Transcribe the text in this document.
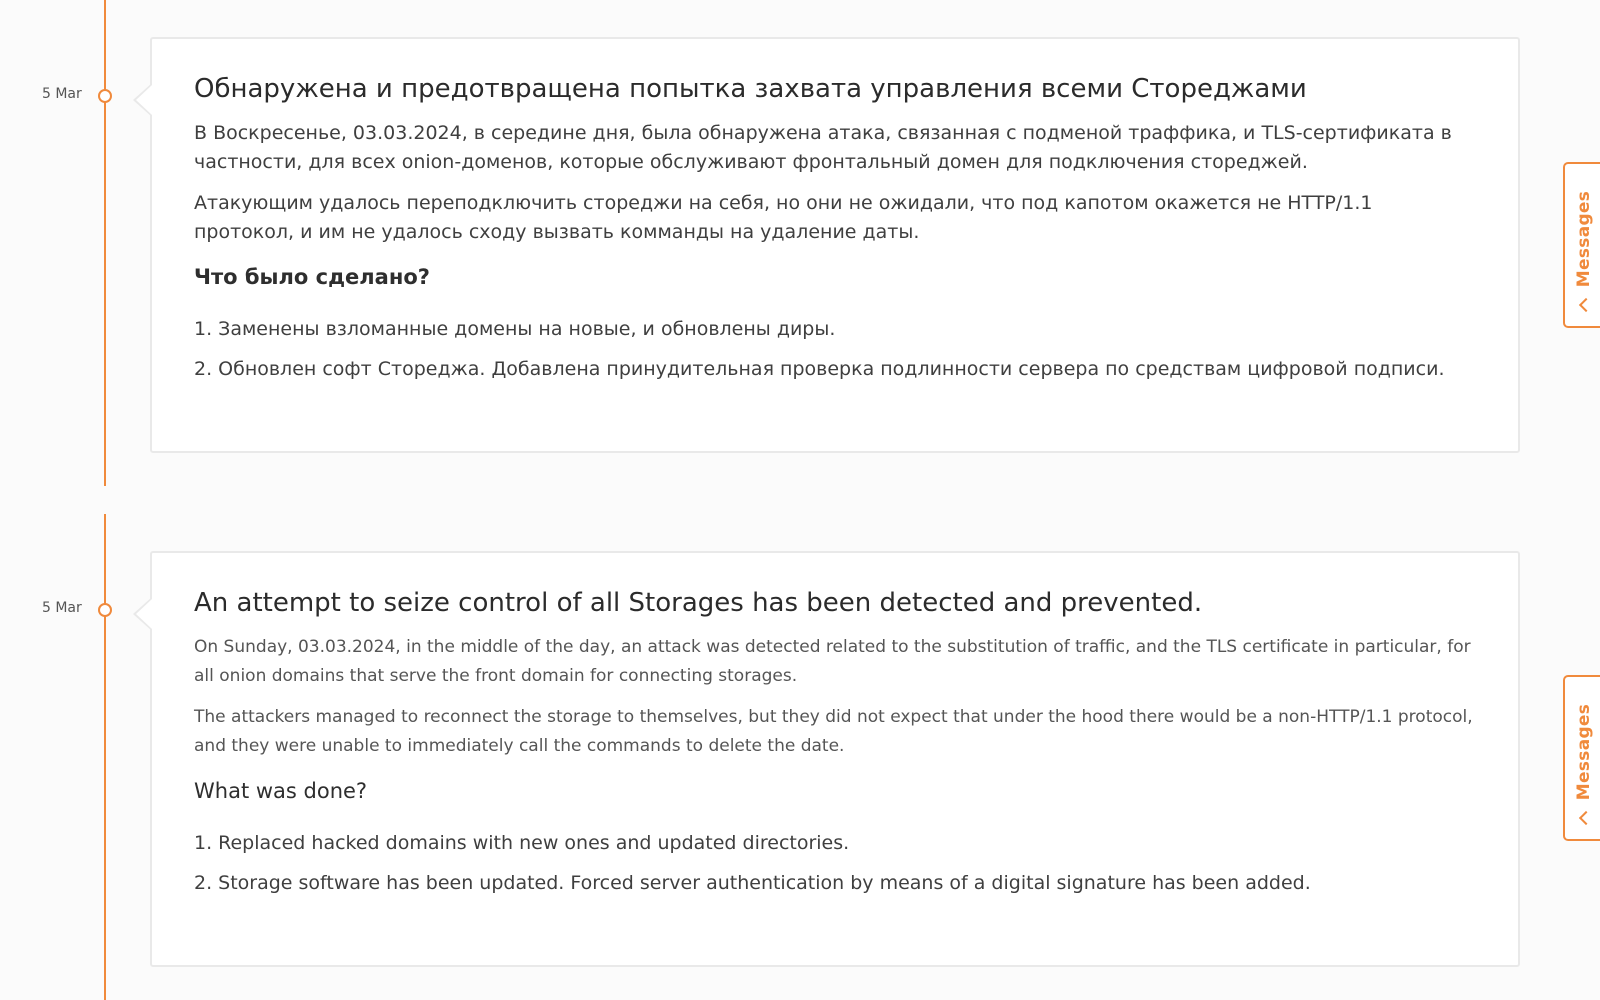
5 Mar	Обнаружена и предотвращена попытка захвата управления всеми Стореджами

В Воскресенье, 03.03.2024, в середине дня, была обнаружена атака, связанная с подменой траффика, и TLS-сертификата в частности, для всех onion-доменов, которые обслуживают фронтальный домен для подключения стореджей.

Атакующим удалось переподключить стореджи на себя, но они не ожидали, что под капотом окажется не HTTP/1.1 протокол, и им не удалось сходу вызвать комманды на удаление даты.

Что было сделано?
1. Заменены взломанные домены на новые, и обновлены диры.
2. Обновлен софт Стореджа. Добавлена принудительная проверка подлинности сервера по средствам цифровой подписи.
5 Mar	An attempt to seize control of all Storages has been detected and prevented.

On Sunday, 03.03.2024, in the middle of the day, an attack was detected related to the substitution of traffic, and the TLS certificate in particular, for all onion domains that serve the front domain for connecting storages.

The attackers managed to reconnect the storage to themselves, but they did not expect that under the hood there would be a non-HTTP/1.1 protocol, and they were unable to immediately call the commands to delete the date.

What was done?
1. Replaced hacked domains with new ones and updated directories.
2. Storage software has been updated. Forced server authentication by means of a digital signature has been added.
Messages
Messages
